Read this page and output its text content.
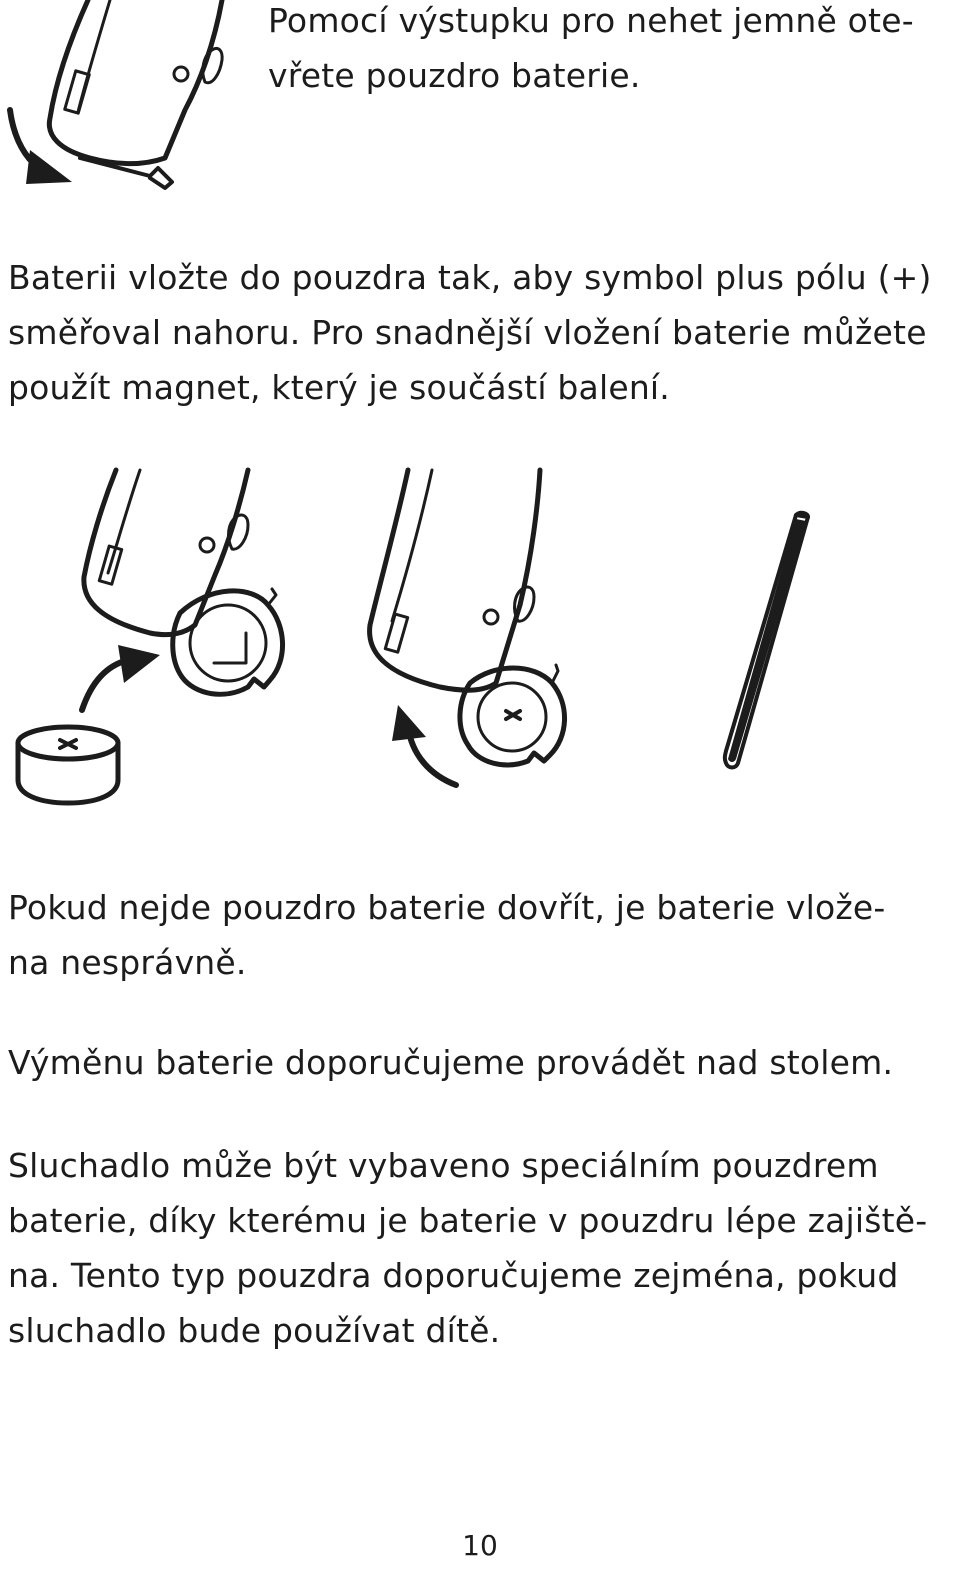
Pomocí výstupku pro nehet jemně ote-
vřete pouzdro baterie.

Baterii vložte do pouzdra tak, aby symbol plus pólu (+)
směřoval nahoru. Pro snadnější vložení baterie můžete
použít magnet, který je součástí balení.

Pokud nejde pouzdro baterie dovřít, je baterie vlože-
na nesprávně.

Výměnu baterie doporučujeme provádět nad stolem.

Sluchadlo může být vybaveno speciálním pouzdrem
baterie, díky kterému je baterie v pouzdru lépe zajiště-
na. Tento typ pouzdra doporučujeme zejména, pokud
sluchadlo bude používat dítě.

10
